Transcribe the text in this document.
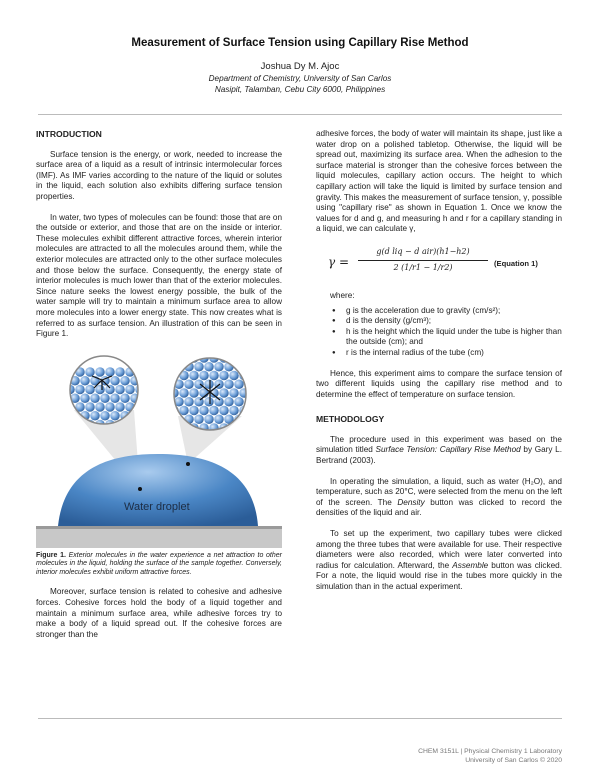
Measurement of Surface Tension using Capillary Rise Method
Joshua Dy M. Ajoc
Department of Chemistry, University of San Carlos
Nasipit, Talamban, Cebu City 6000, Philippines
INTRODUCTION

Surface tension is the energy, or work, needed to increase the surface area of a liquid as a result of intrinsic intermolecular forces (IMF). As IMF varies according to the nature of the liquid or solutes in the liquid, each solution also exhibits differing surface tension properties.

In water, two types of molecules can be found: those that are on the outside or exterior, and those that are on the inside or interior. These molecules exhibit different attractive forces, wherein interior molecules are attracted to all the molecules around them, while the exterior molecules are attracted only to the other surface molecules and those below the surface. Consequently, the energy state of interior molecules is much lower than that of the exterior molecules. Since nature seeks the lowest energy possible, the bulk of the water sample will try to maintain a minimum surface area to allow more molecules into a lower energy state. This now creates what is referred to as surface tension. An illustration of this can be seen in Figure 1.

Water droplet
Figure 1. Exterior molecules in the water experience a net attraction to other molecules in the liquid, holding the surface of the sample together. Conversely, interior molecules exhibit uniform attractive forces.

Moreover, surface tension is related to cohesive and adhesive forces. Cohesive forces hold the body of a liquid together and maintain a minimum surface area, while adhesive forces try to make a body of a liquid spread out. If the cohesive forces are stronger than the

adhesive forces, the body of water will maintain its shape, just like a water drop on a polished tabletop. Otherwise, the liquid will be spread out, maximizing its surface area. When the adhesion to the surface material is stronger than the cohesive forces between the liquid molecules, capillary action occurs. The height to which capillary action will take the liquid is limited by surface tension and gravity. This makes the measurement of surface tension, γ, possible using "capillary rise" as shown in Equation 1. Once we know the values for d and g, and measuring h and r for a capillary standing in a liquid, we can calculate γ,

γ =
g(d liq − d air)(h1−h2)
2 (1/r1 − 1/r2)	(Equation 1)
where:
● g is the acceleration due to gravity (cm/s²);
● d is the density (g/cm³);
● h is the height which the liquid under the tube is higher than the outside (cm); and
● r is the internal radius of the tube (cm)

Hence, this experiment aims to compare the surface tension of two different liquids using the capillary rise method and to determine the effect of temperature on surface tension.

METHODOLOGY

The procedure used in this experiment was based on the simulation titled Surface Tension: Capillary Rise Method by Gary L. Bertrand (2003).

In operating the simulation, a liquid, such as water (H₂O), and temperature, such as 20°C, were selected from the menu on the left of the screen. The Density button was clicked to record the densities of the liquid and air.

To set up the experiment, two capillary tubes were clicked among the three tubes that were available for use. Their respective diameters were also recorded, which were later converted into radius for calculation. Afterward, the Assemble button was clicked. For a note, the liquid would rise in the tubes more quickly in the simulation than in the actual experiment.

CHEM 3151L | Physical Chemistry 1 Laboratory
University of San Carlos © 2020
